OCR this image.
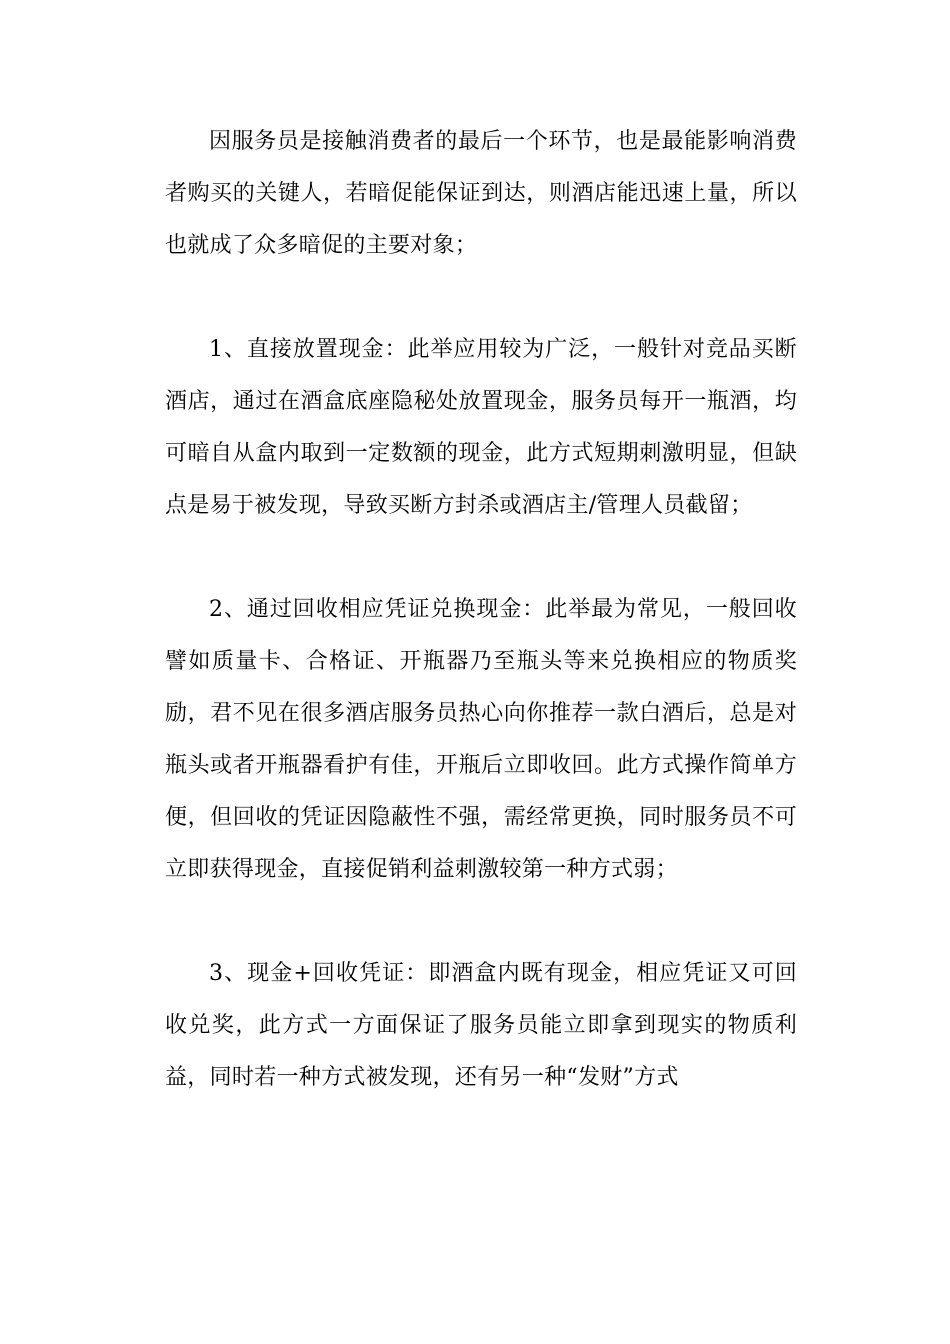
因服务员是接触消费者的最后一个环节，也是最能影响消费者购买的关键人，若暗促能保证到达，则酒店能迅速上量，所以也就成了众多暗促的主要对象；

1、直接放置现金：此举应用较为广泛，一般针对竞品买断酒店，通过在酒盒底座隐秘处放置现金，服务员每开一瓶酒，均可暗自从盒内取到一定数额的现金，此方式短期刺激明显，但缺点是易于被发现，导致买断方封杀或酒店主/管理人员截留；

2、通过回收相应凭证兑换现金：此举最为常见，一般回收譬如质量卡、合格证、开瓶器乃至瓶头等来兑换相应的物质奖励，君不见在很多酒店服务员热心向你推荐一款白酒后，总是对瓶头或者开瓶器看护有佳，开瓶后立即收回。此方式操作简单方便，但回收的凭证因隐蔽性不强，需经常更换，同时服务员不可立即获得现金，直接促销利益刺激较第一种方式弱；

3、现金+回收凭证：即酒盒内既有现金，相应凭证又可回收兑奖，此方式一方面保证了服务员能立即拿到现实的物质利益，同时若一种方式被发现，还有另一种“发财”方式
